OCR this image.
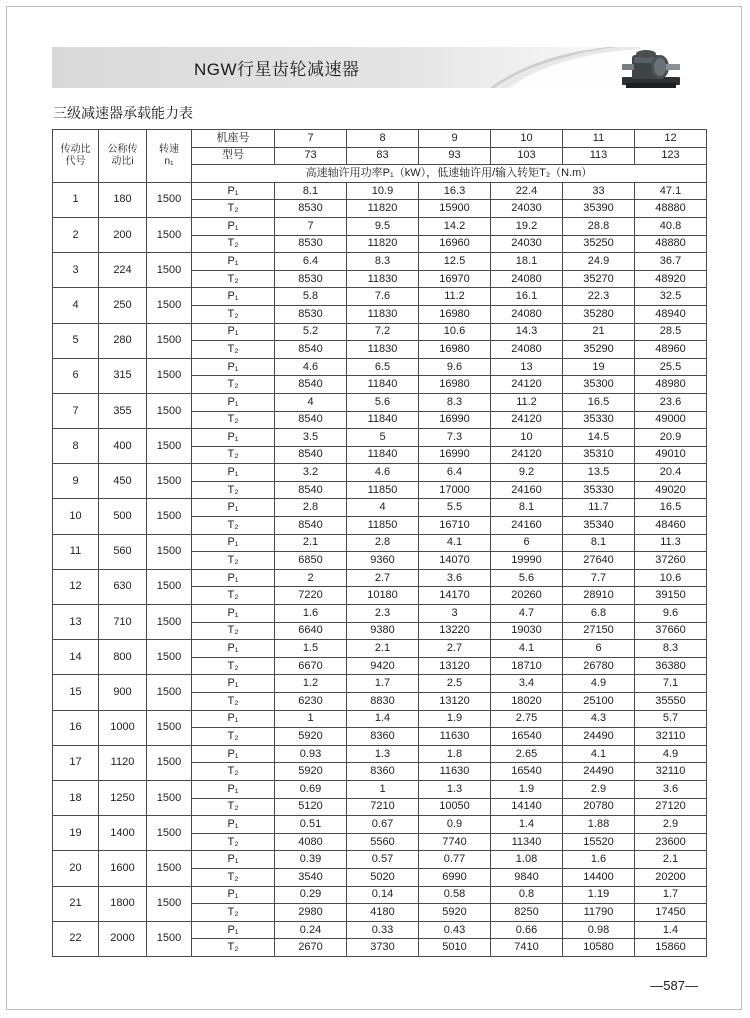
NGW行星齿轮减速器
三级减速器承载能力表
传动比代号	公称传动比i	转速n₁	机座号	7	8	9	10	11	12
			型号	73	83	93	103	113	123
			高速轴许用功率P₁（kW），低速轴许用/输入转矩T₂（N.m）						
1	180	1500	P₁	8.1	10.9	16.3	22.4	33	47.1
			T₂	8530	11820	15900	24030	35390	48880
2	200	1500	P₁	7	9.5	14.2	19.2	28.8	40.8
			T₂	8530	11820	16960	24030	35250	48880
3	224	1500	P₁	6.4	8.3	12.5	18.1	24.9	36.7
			T₂	8530	11830	16970	24080	35270	48920
4	250	1500	P₁	5.8	7.6	11.2	16.1	22.3	32.5
			T₂	8530	11830	16980	24080	35280	48940
5	280	1500	P₁	5.2	7.2	10.6	14.3	21	28.5
			T₂	8540	11830	16980	24080	35290	48960
6	315	1500	P₁	4.6	6.5	9.6	13	19	25.5
			T₂	8540	11840	16980	24120	35300	48980
7	355	1500	P₁	4	5.6	8.3	11.2	16.5	23.6
			T₂	8540	11840	16990	24120	35330	49000
8	400	1500	P₁	3.5	5	7.3	10	14.5	20.9
			T₂	8540	11840	16990	24120	35310	49010
9	450	1500	P₁	3.2	4.6	6.4	9.2	13.5	20.4
			T₂	8540	11850	17000	24160	35330	49020
10	500	1500	P₁	2.8	4	5.5	8.1	11.7	16.5
			T₂	8540	11850	16710	24160	35340	48460
11	560	1500	P₁	2.1	2.8	4.1	6	8.1	11.3
			T₂	6850	9360	14070	19990	27640	37260
12	630	1500	P₁	2	2.7	3.6	5.6	7.7	10.6
			T₂	7220	10180	14170	20260	28910	39150
13	710	1500	P₁	1.6	2.3	3	4.7	6.8	9.6
			T₂	6640	9380	13220	19030	27150	37660
14	800	1500	P₁	1.5	2.1	2.7	4.1	6	8.3
			T₂	6670	9420	13120	18710	26780	36380
15	900	1500	P₁	1.2	1.7	2.5	3.4	4.9	7.1
			T₂	6230	8830	13120	18020	25100	35550
16	1000	1500	P₁	1	1.4	1.9	2.75	4.3	5.7
			T₂	5920	8360	11630	16540	24490	32110
17	1120	1500	P₁	0.93	1.3	1.8	2.65	4.1	4.9
			T₂	5920	8360	11630	16540	24490	32110
18	1250	1500	P₁	0.69	1	1.3	1.9	2.9	3.6
			T₂	5120	7210	10050	14140	20780	27120
19	1400	1500	P₁	0.51	0.67	0.9	1.4	1.88	2.9
			T₂	4080	5560	7740	11340	15520	23600
20	1600	1500	P₁	0.39	0.57	0.77	1.08	1.6	2.1
			T₂	3540	5020	6990	9840	14400	20200
21	1800	1500	P₁	0.29	0.14	0.58	0.8	1.19	1.7
			T₂	2980	4180	5920	8250	11790	17450
22	2000	1500	P₁	0.24	0.33	0.43	0.66	0.98	1.4
			T₂	2670	3730	5010	7410	10580	15860
—587—
